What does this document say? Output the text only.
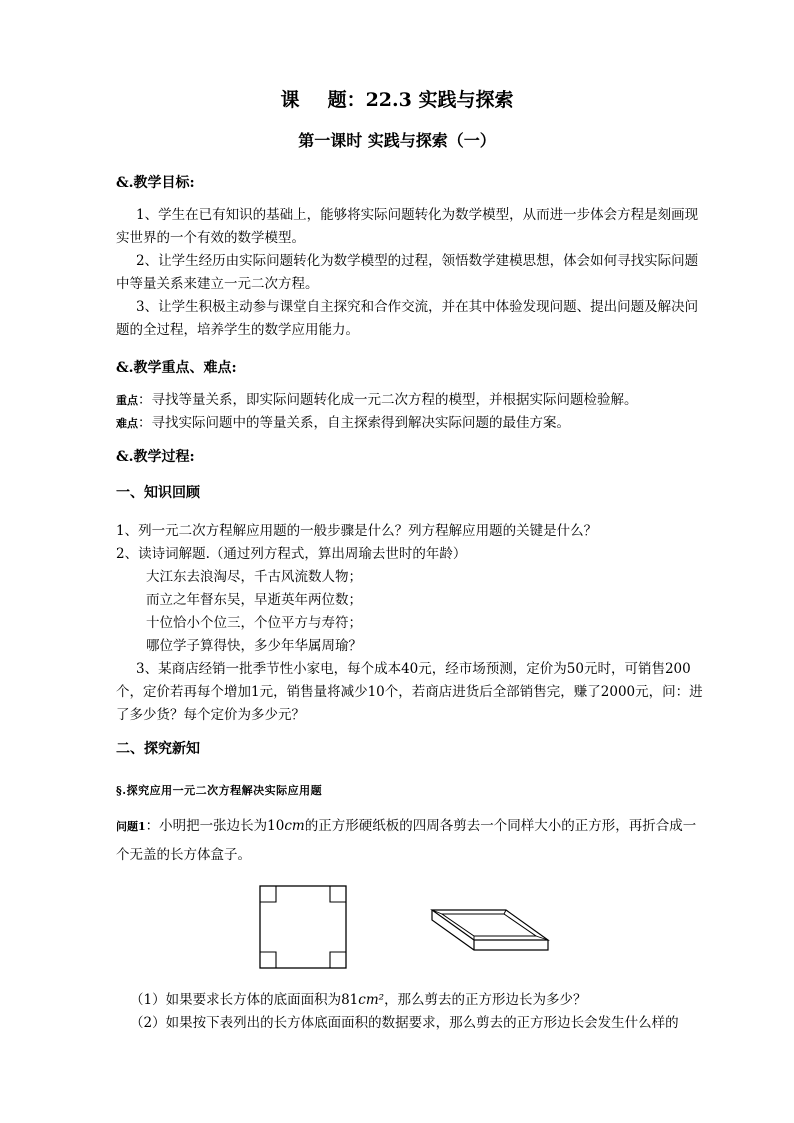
课 题：22.3 实践与探索
第一课时 实践与探索（一）

&.教学目标:

1、学生在已有知识的基础上，能够将实际问题转化为数学模型，从而进一步体会方程是刻画现实世界的一个有效的数学模型。

2、让学生经历由实际问题转化为数学模型的过程，领悟数学建模思想，体会如何寻找实际问题中等量关系来建立一元二次方程。

3、让学生积极主动参与课堂自主探究和合作交流，并在其中体验发现问题、提出问题及解决问题的全过程，培养学生的数学应用能力。

&.教学重点、难点:

重点：寻找等量关系，即实际问题转化成一元二次方程的模型，并根据实际问题检验解。

难点：寻找实际问题中的等量关系，自主探索得到解决实际问题的最佳方案。

&.教学过程:

一、知识回顾

1、列一元二次方程解应用题的一般步骤是什么？列方程解应用题的关键是什么？

2、读诗词解题.（通过列方程式，算出周瑜去世时的年龄）

大江东去浪淘尽，千古风流数人物；

而立之年督东吴，早逝英年两位数；

十位恰小个位三，个位平方与寿符；

哪位学子算得快，多少年华属周瑜？

3、某商店经销一批季节性小家电，每个成本40元，经市场预测，定价为50元时，可销售200个，定价若再每个增加1元，销售量将减少10个，若商店进货后全部销售完，赚了2000元，问：进了多少货？每个定价为多少元？

二、探究新知

§.探究应用一元二次方程解决实际应用题

问题1：小明把一张边长为10cm的正方形硬纸板的四周各剪去一个同样大小的正方形，再折合成一个无盖的长方体盒子。

（1）如果要求长方体的底面面积为81cm²，那么剪去的正方形边长为多少？

（2）如果按下表列出的长方体底面面积的数据要求，那么剪去的正方形边长会发生什么样的
